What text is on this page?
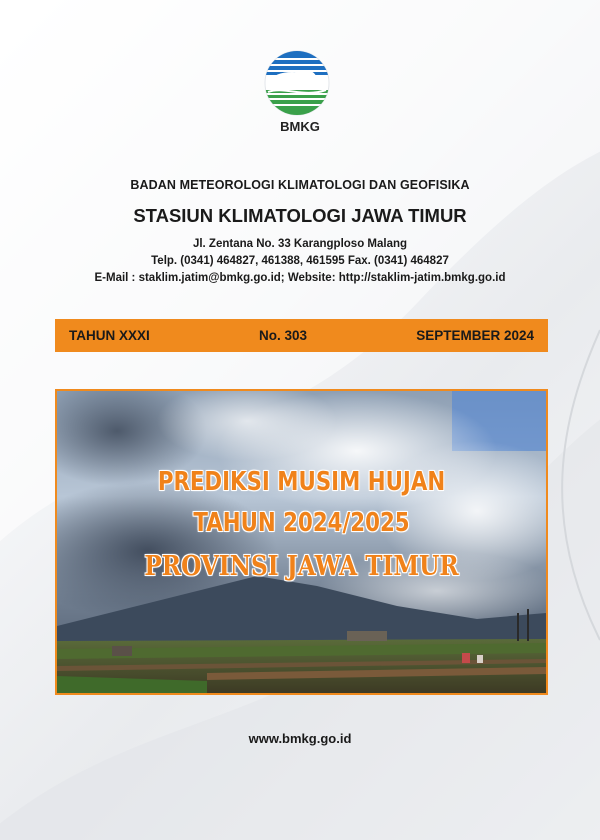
BMKG
BADAN METEOROLOGI KLIMATOLOGI DAN GEOFISIKA
STASIUN KLIMATOLOGI JAWA TIMUR
Jl. Zentana No. 33 Karangploso Malang
Telp. (0341) 464827, 461388, 461595 Fax. (0341) 464827
E-Mail : staklim.jatim@bmkg.go.id; Website: http://staklim-jatim.bmkg.go.id
TAHUN XXXI	No. 303	SEPTEMBER 2024
PREDIKSI MUSIM HUJAN
TAHUN 2024/2025
PROVINSI JAWA TIMUR
www.bmkg.go.id
